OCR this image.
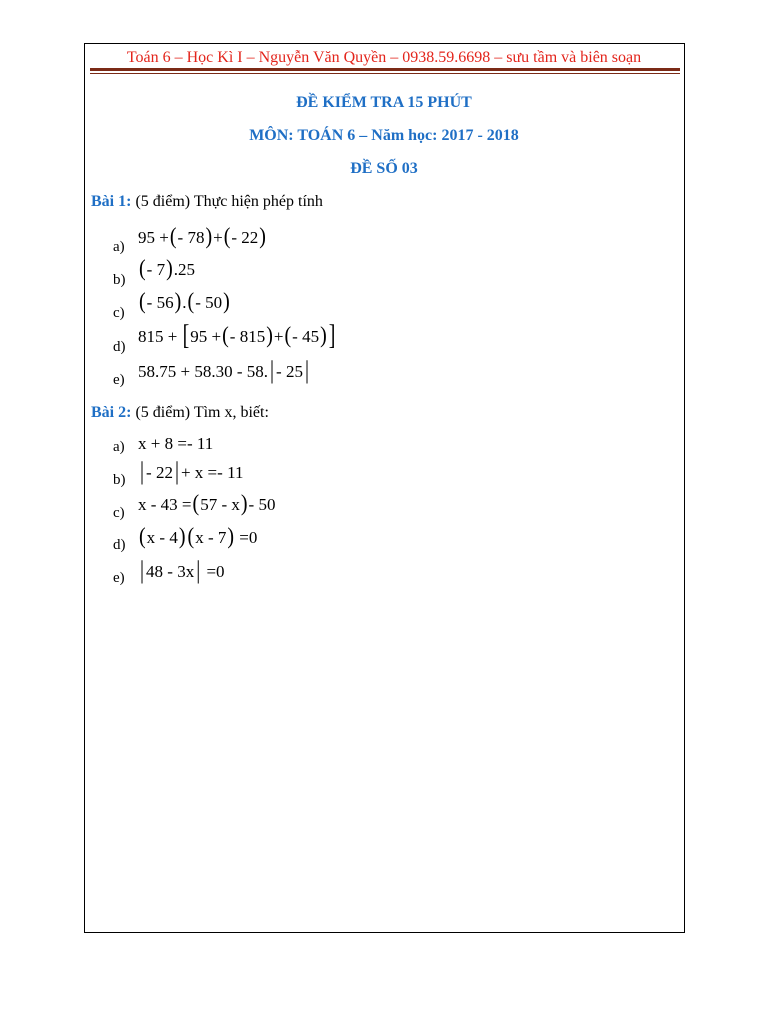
Toán 6 – Học Kì I – Nguyễn Văn Quyền – 0938.59.6698 – sưu tầm và biên soạn
ĐỀ KIỂM TRA 15 PHÚT
MÔN: TOÁN 6 – Năm học: 2017 - 2018
ĐỀ SỐ 03
Bài 1: (5 điểm) Thực hiện phép tính
a) 95 +(- 78)+(- 22)
b) (- 7).25
c) (- 56).(- 50)
d)
815 + [95 +(- 815)+(- 45) ]
e) 58.75 + 58.30 - 58. | - 25 |
Bài 2: (5 điểm) Tìm x, biết:
a) x + 8 =- 11
b) | - 22 | + x =- 11
c) x - 43 =(57 - x)- 50
d) (x - 4) (x - 7) =0
e) | 48 - 3x | =0
